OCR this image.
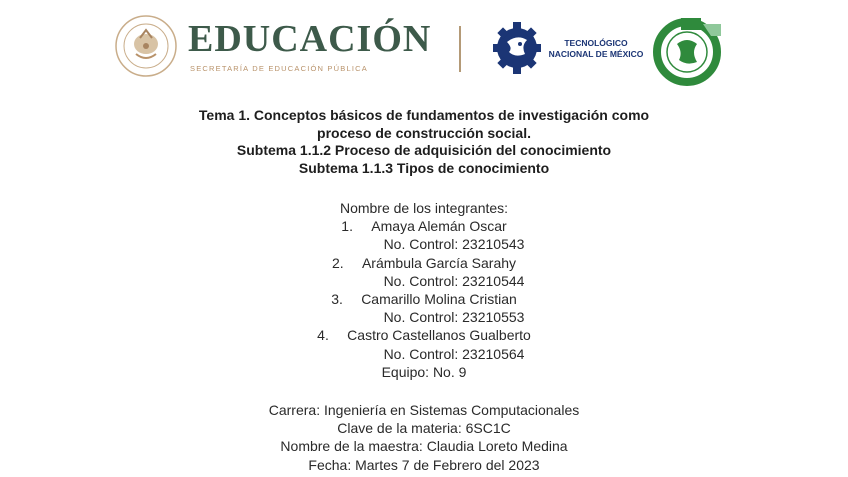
EDUCACIÓN
SECRETARÍA DE EDUCACIÓN PÚBLICA
TECNOLÓGICO
NACIONAL DE MÉXICO
Tema 1. Conceptos básicos de fundamentos de investigación como
proceso de construcción social.
Subtema 1.1.2 Proceso de adquisición del conocimiento
Subtema 1.1.3 Tipos de conocimiento
Nombre de los integrantes:
1. Amaya Alemán Oscar
No. Control: 23210543
2. Arámbula García Sarahy
No. Control: 23210544
3. Camarillo Molina Cristian
No. Control: 23210553
4. Castro Castellanos Gualberto
No. Control: 23210564
Equipo: No. 9
Carrera: Ingeniería en Sistemas Computacionales
Clave de la materia: 6SC1C
Nombre de la maestra: Claudia Loreto Medina
Fecha: Martes 7 de Febrero del 2023
